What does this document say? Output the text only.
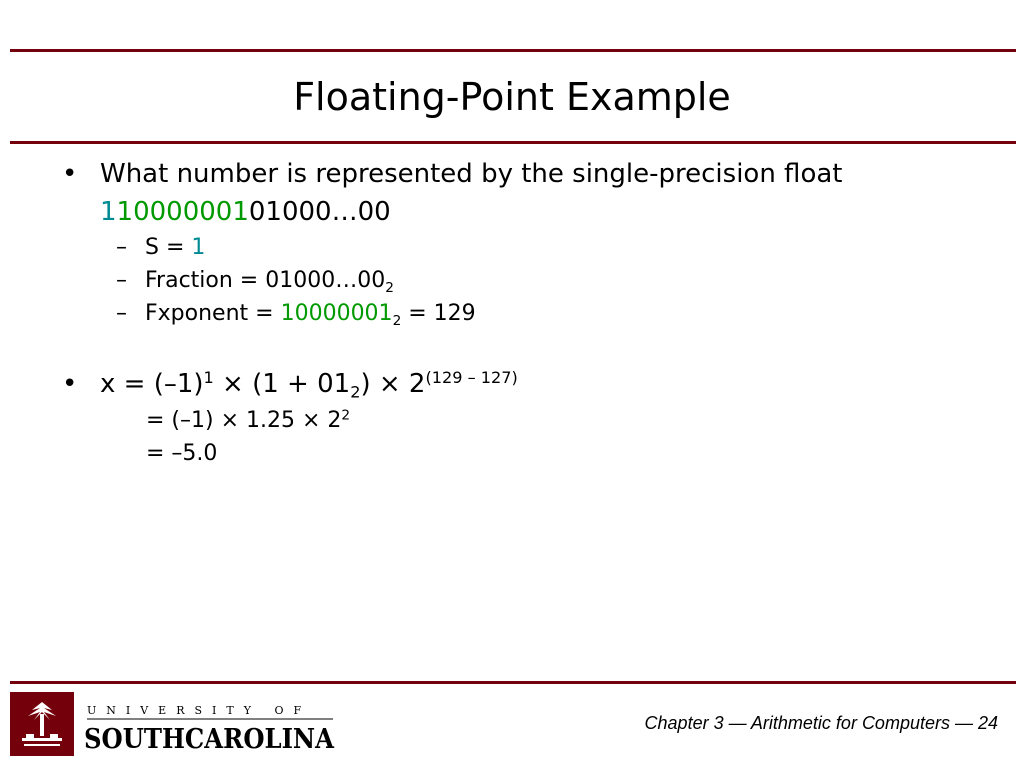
Floating-Point Example
• What number is represented by the single-precision float
11000000101000…00
– S = 1
– Fraction = $01000\dots 00_2$
– Fxponent = $10000001_2 = 129$
• $x = (-1)^1 \times (1 + 01_2) \times 2^{(129 - 127)}$
= $(-1) \times 1.25 \times 2^2$
= –5.0
UNIVERSITY OF
SOUTHCAROLINA
Chapter 3 — Arithmetic for Computers — 24
